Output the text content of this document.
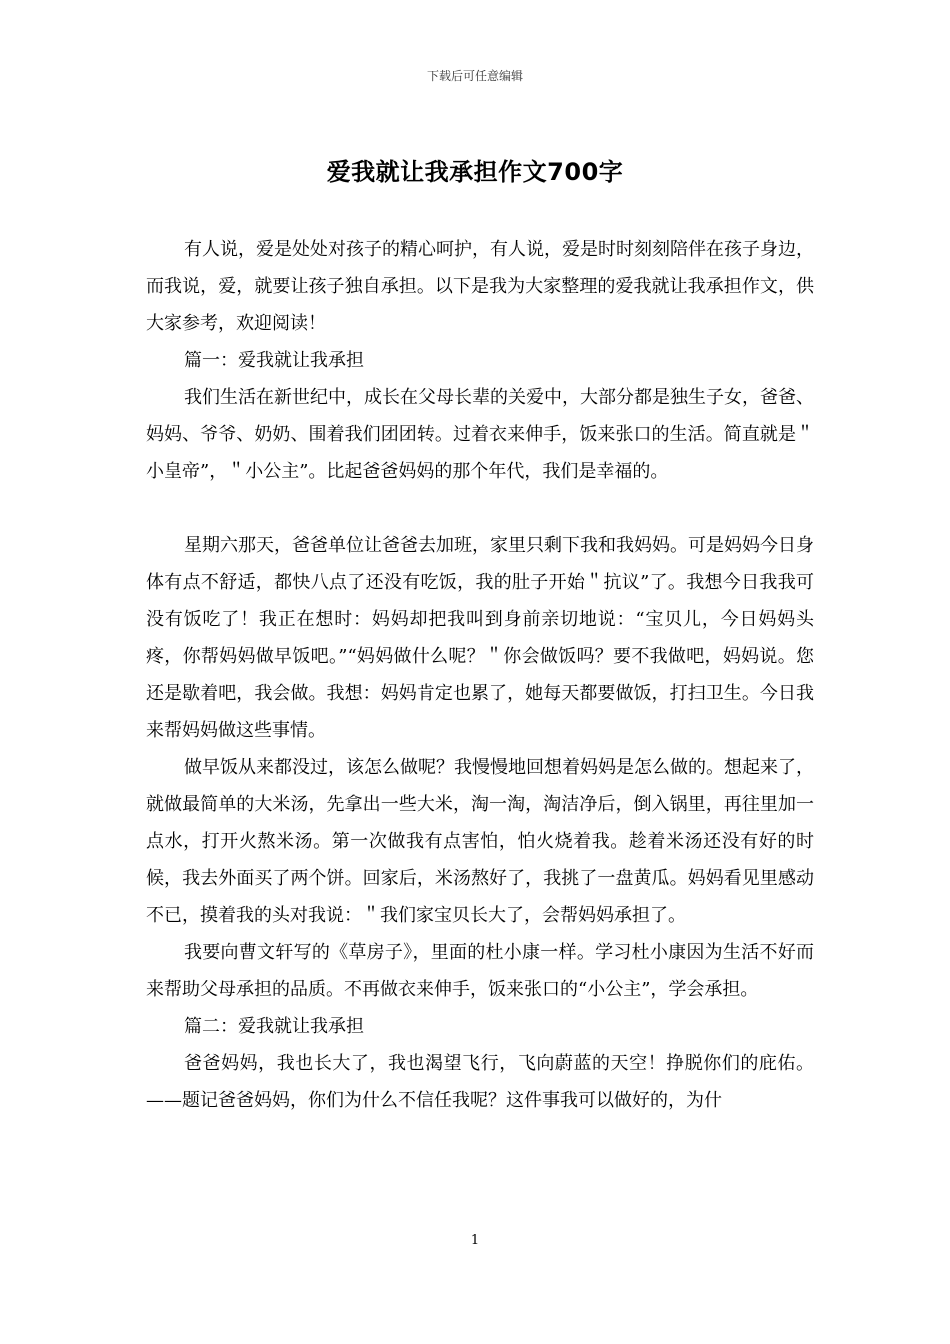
下载后可任意编辑
爱我就让我承担作文700字

有人说，爱是处处对孩子的精心呵护，有人说，爱是时时刻刻陪伴在孩子身边，而我说，爱，就要让孩子独自承担。以下是我为大家整理的爱我就让我承担作文，供大家参考，欢迎阅读！

篇一：爱我就让我承担

我们生活在新世纪中，成长在父母长辈的关爱中，大部分都是独生子女，爸爸、妈妈、爷爷、奶奶、围着我们团团转。过着衣来伸手，饭来张口的生活。简直就是＂小皇帝”，＂小公主”。比起爸爸妈妈的那个年代，我们是幸福的。

星期六那天，爸爸单位让爸爸去加班，家里只剩下我和我妈妈。可是妈妈今日身体有点不舒适，都快八点了还没有吃饭，我的肚子开始＂抗议”了。我想今日我我可没有饭吃了！我正在想时：妈妈却把我叫到身前亲切地说：“宝贝儿，今日妈妈头疼，你帮妈妈做早饭吧。”“妈妈做什么呢？＂你会做饭吗？要不我做吧，妈妈说。您还是歇着吧，我会做。我想：妈妈肯定也累了，她每天都要做饭，打扫卫生。今日我来帮妈妈做这些事情。

做早饭从来都没过，该怎么做呢？我慢慢地回想着妈妈是怎么做的。想起来了，就做最简单的大米汤，先拿出一些大米，淘一淘，淘洁净后，倒入锅里，再往里加一点水，打开火熬米汤。第一次做我有点害怕，怕火烧着我。趁着米汤还没有好的时候，我去外面买了两个饼。回家后，米汤熬好了，我挑了一盘黄瓜。妈妈看见里感动不已，摸着我的头对我说：＂我们家宝贝长大了，会帮妈妈承担了。

我要向曹文轩写的《草房子》，里面的杜小康一样。学习杜小康因为生活不好而来帮助父母承担的品质。不再做衣来伸手，饭来张口的“小公主”，学会承担。

篇二：爱我就让我承担

爸爸妈妈，我也长大了，我也渴望飞行，飞向蔚蓝的天空！挣脱你们的庇佑。——题记爸爸妈妈，你们为什么不信任我呢？这件事我可以做好的，为什

1
